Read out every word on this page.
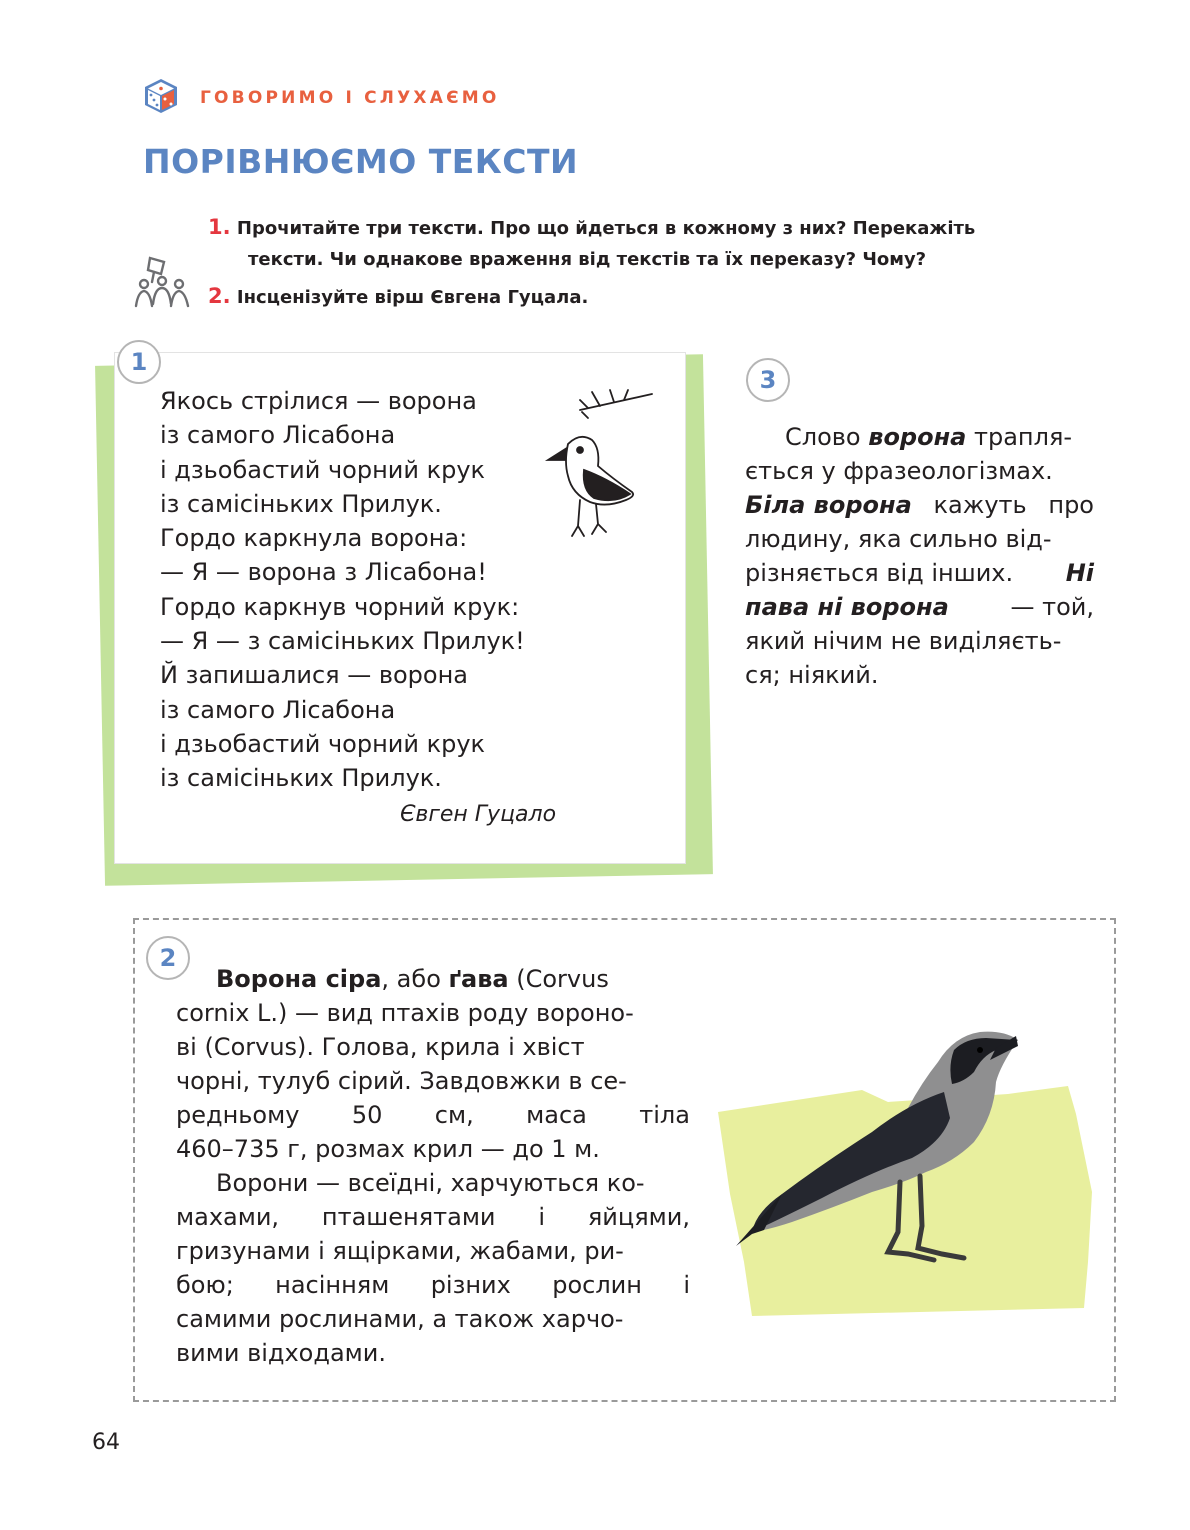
ГОВОРИМО І СЛУХАЄМО
ПОРІВНЮЄМО ТЕКСТИ
1. Прочитайте три тексти. Про що йдеться в кожному з них? Перекажіть
тексти. Чи однакове враження від текстів та їх переказу? Чому?
2. Інсценізуйте вірш Євгена Гуцала.
1
Якось стрілися — ворона
із самого Лісабона
і дзьобастий чорний крук
із самісіньких Прилук.
Гордо каркнула ворона:
— Я — ворона з Лісабона!
Гордо каркнув чорний крук:
— Я — з самісіньких Прилук!
Й запишалися — ворона
із самого Лісабона
і дзьобастий чорний крук
із самісіньких Прилук.
Євген Гуцало
3
Слово ворона трапля-
ється у фразеологізмах.
Біла ворона кажуть про
людину, яка сильно від-
різняється від інших. Ні
пава ні ворона	— той,
який нічим не виділяєть-
ся; ніякий.
2
Ворона сіра, або ґава (Corvus
cornix L.) — вид птахів роду вороно-
ві (Corvus). Голова, крила і хвіст
чорні, тулуб сірий. Завдовжки в се-
редньому 50 см, маса тіла
460–735 г, розмах крил — до 1 м.
Ворони — всеїдні, харчуються ко-
махами, пташенятами і яйцями,
гризунами і ящірками, жабами, ри-
бою; насінням різних рослин і
самими рослинами, а також харчо-
вими відходами.
64
